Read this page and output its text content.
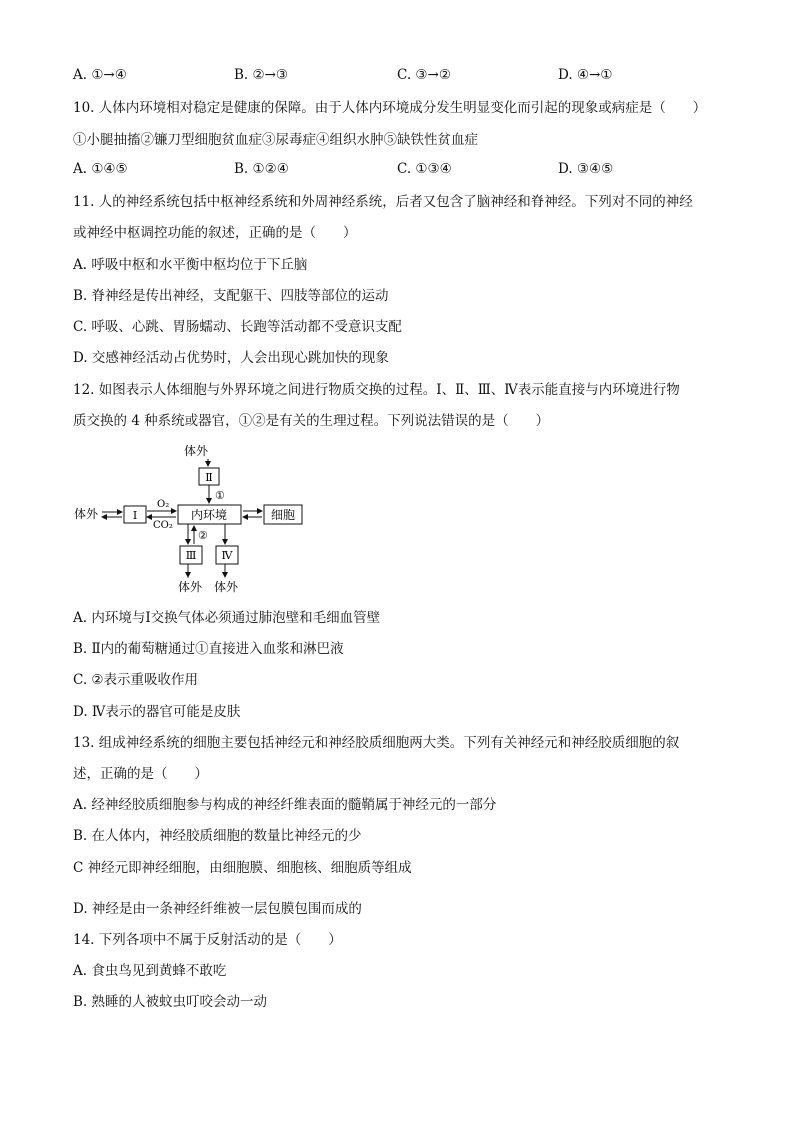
A. ①→④	B. ②→③	C. ③→②	D. ④→①
10. 人体内环境相对稳定是健康的保障。由于人体内环境成分发生明显变化而引起的现象或病症是（　　）
①小腿抽搐②镰刀型细胞贫血症③尿毒症④组织水肿⑤缺铁性贫血症
A. ①④⑤	B. ①②④	C. ①③④	D. ③④⑤
11. 人的神经系统包括中枢神经系统和外周神经系统，后者又包含了脑神经和脊神经。下列对不同的神经
或神经中枢调控功能的叙述，正确的是（　　）
A. 呼吸中枢和水平衡中枢均位于下丘脑
B. 脊神经是传出神经，支配躯干、四肢等部位的运动
C. 呼吸、心跳、胃肠蠕动、长跑等活动都不受意识支配
D. 交感神经活动占优势时，人会出现心跳加快的现象
12. 如图表示人体细胞与外界环境之间进行物质交换的过程。Ⅰ、Ⅱ、Ⅲ、Ⅳ表示能直接与内环境进行物
质交换的 4 种系统或器官，①②是有关的生理过程。下列说法错误的是（　　）
体外
Ⅱ
①
体外	Ⅰ
O₂
CO₂
内环境	细胞
②
Ⅲ Ⅳ
体外 体外
A. 内环境与Ⅰ交换气体必须通过肺泡壁和毛细血管壁
B. Ⅱ内的葡萄糖通过①直接进入血浆和淋巴液
C. ②表示重吸收作用
D. Ⅳ表示的器官可能是皮肤
13. 组成神经系统的细胞主要包括神经元和神经胶质细胞两大类。下列有关神经元和神经胶质细胞的叙
述，正确的是（　　）
A. 经神经胶质细胞参与构成的神经纤维表面的髓鞘属于神经元的一部分
B. 在人体内，神经胶质细胞的数量比神经元的少
C 神经元即神经细胞，由细胞膜、细胞核、细胞质等组成
D. 神经是由一条神经纤维被一层包膜包围而成的
14. 下列各项中不属于反射活动的是（　　）
A. 食虫鸟见到黄蜂不敢吃
B. 熟睡的人被蚊虫叮咬会动一动
